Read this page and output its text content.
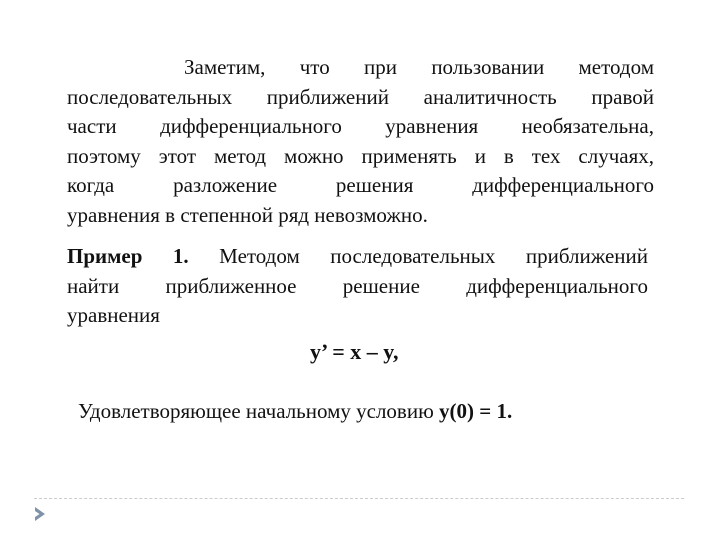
Заметим, что при пользовании методом
последовательных приближений аналитичность правой
части дифференциального уравнения необязательна,
поэтому этот метод можно применять и в тех случаях,
когда разложение решения дифференциального
уравнения в степенной ряд невозможно.
Пример 1. Методом последовательных приближений
найти приближенное решение дифференциального
уравнения
y’ = x – y,
Удовлетворяющее начальному условию y(0) = 1.
